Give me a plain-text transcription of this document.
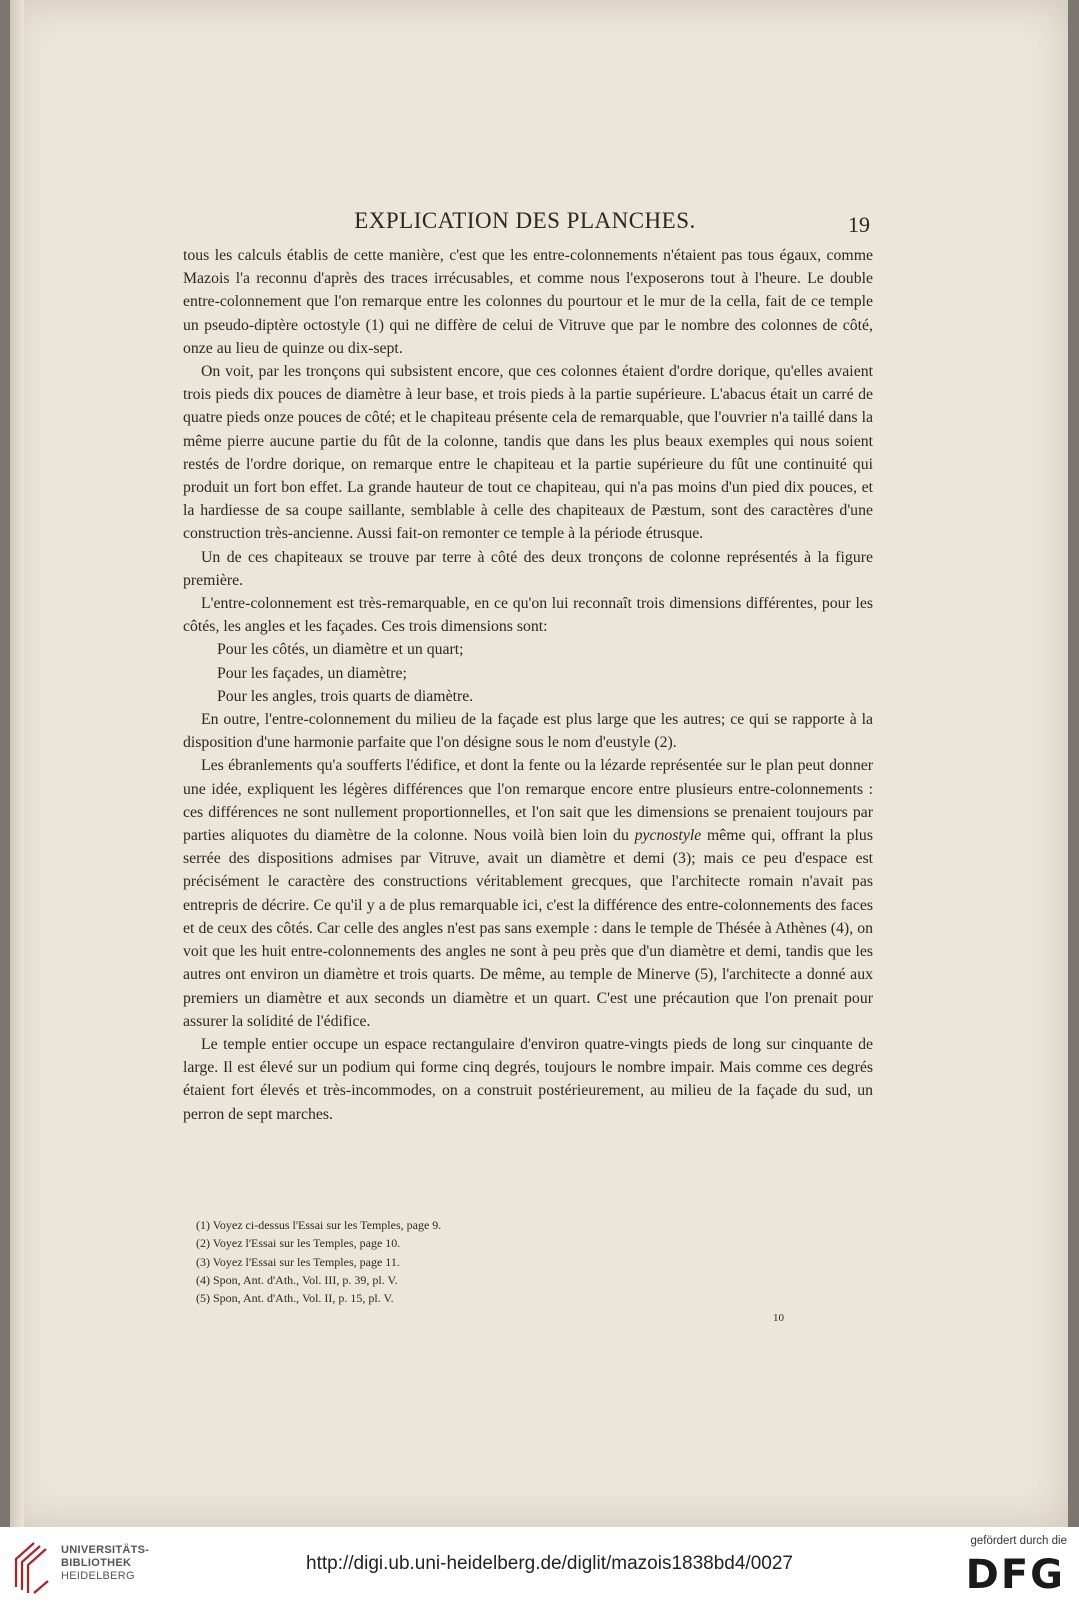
EXPLICATION DES PLANCHES.	19

tous les calculs établis de cette manière, c'est que les entre-colonnements n'étaient pas tous égaux, comme Mazois l'a reconnu d'après des traces irrécusables, et comme nous l'exposerons tout à l'heure. Le double entre-colonnement que l'on remarque entre les colonnes du pourtour et le mur de la cella, fait de ce temple un pseudo-diptère octostyle (1) qui ne diffère de celui de Vitruve que par le nombre des colonnes de côté, onze au lieu de quinze ou dix-sept.

On voit, par les tronçons qui subsistent encore, que ces colonnes étaient d'ordre dorique, qu'elles avaient trois pieds dix pouces de diamètre à leur base, et trois pieds à la partie supérieure. L'abacus était un carré de quatre pieds onze pouces de côté; et le chapiteau présente cela de remarquable, que l'ouvrier n'a taillé dans la même pierre aucune partie du fût de la colonne, tandis que dans les plus beaux exemples qui nous soient restés de l'ordre dorique, on remarque entre le chapiteau et la partie supérieure du fût une continuité qui produit un fort bon effet. La grande hauteur de tout ce chapiteau, qui n'a pas moins d'un pied dix pouces, et la hardiesse de sa coupe saillante, semblable à celle des chapiteaux de Pæstum, sont des caractères d'une construction très-ancienne. Aussi fait-on remonter ce temple à la période étrusque.

Un de ces chapiteaux se trouve par terre à côté des deux tronçons de colonne représentés à la figure première.

L'entre-colonnement est très-remarquable, en ce qu'on lui reconnaît trois dimensions différentes, pour les côtés, les angles et les façades. Ces trois dimensions sont:

Pour les côtés, un diamètre et un quart;

Pour les façades, un diamètre;

Pour les angles, trois quarts de diamètre.

En outre, l'entre-colonnement du milieu de la façade est plus large que les autres; ce qui se rapporte à la disposition d'une harmonie parfaite que l'on désigne sous le nom d'eustyle (2).

Les ébranlements qu'a soufferts l'édifice, et dont la fente ou la lézarde représentée sur le plan peut donner une idée, expliquent les légères différences que l'on remarque encore entre plusieurs entre-colonnements : ces différences ne sont nullement proportionnelles, et l'on sait que les dimensions se prenaient toujours par parties aliquotes du diamètre de la colonne. Nous voilà bien loin du pycnostyle même qui, offrant la plus serrée des dispositions admises par Vitruve, avait un diamètre et demi (3); mais ce peu d'espace est précisément le caractère des constructions véritablement grecques, que l'architecte romain n'avait pas entrepris de décrire. Ce qu'il y a de plus remarquable ici, c'est la différence des entre-colonnements des faces et de ceux des côtés. Car celle des angles n'est pas sans exemple : dans le temple de Thésée à Athènes (4), on voit que les huit entre-colonnements des angles ne sont à peu près que d'un diamètre et demi, tandis que les autres ont environ un diamètre et trois quarts. De même, au temple de Minerve (5), l'architecte a donné aux premiers un diamètre et aux seconds un diamètre et un quart. C'est une précaution que l'on prenait pour assurer la solidité de l'édifice.

Le temple entier occupe un espace rectangulaire d'environ quatre-vingts pieds de long sur cinquante de large. Il est élevé sur un podium qui forme cinq degrés, toujours le nombre impair. Mais comme ces degrés étaient fort élevés et très-incommodes, on a construit postérieurement, au milieu de la façade du sud, un perron de sept marches.

(1) Voyez ci-dessus l'Essai sur les Temples, page 9.
(2) Voyez l'Essai sur les Temples, page 10.
(3) Voyez l'Essai sur les Temples, page 11.
(4) Spon, Ant. d'Ath., Vol. III, p. 39, pl. V.
(5) Spon, Ant. d'Ath., Vol. II, p. 15, pl. V.
10
UNIVERSITÄTS-
BIBLIOTHEK
HEIDELBERG
http://digi.ub.uni-heidelberg.de/diglit/mazois1838bd4/0027
gefördert durch die
DFG
